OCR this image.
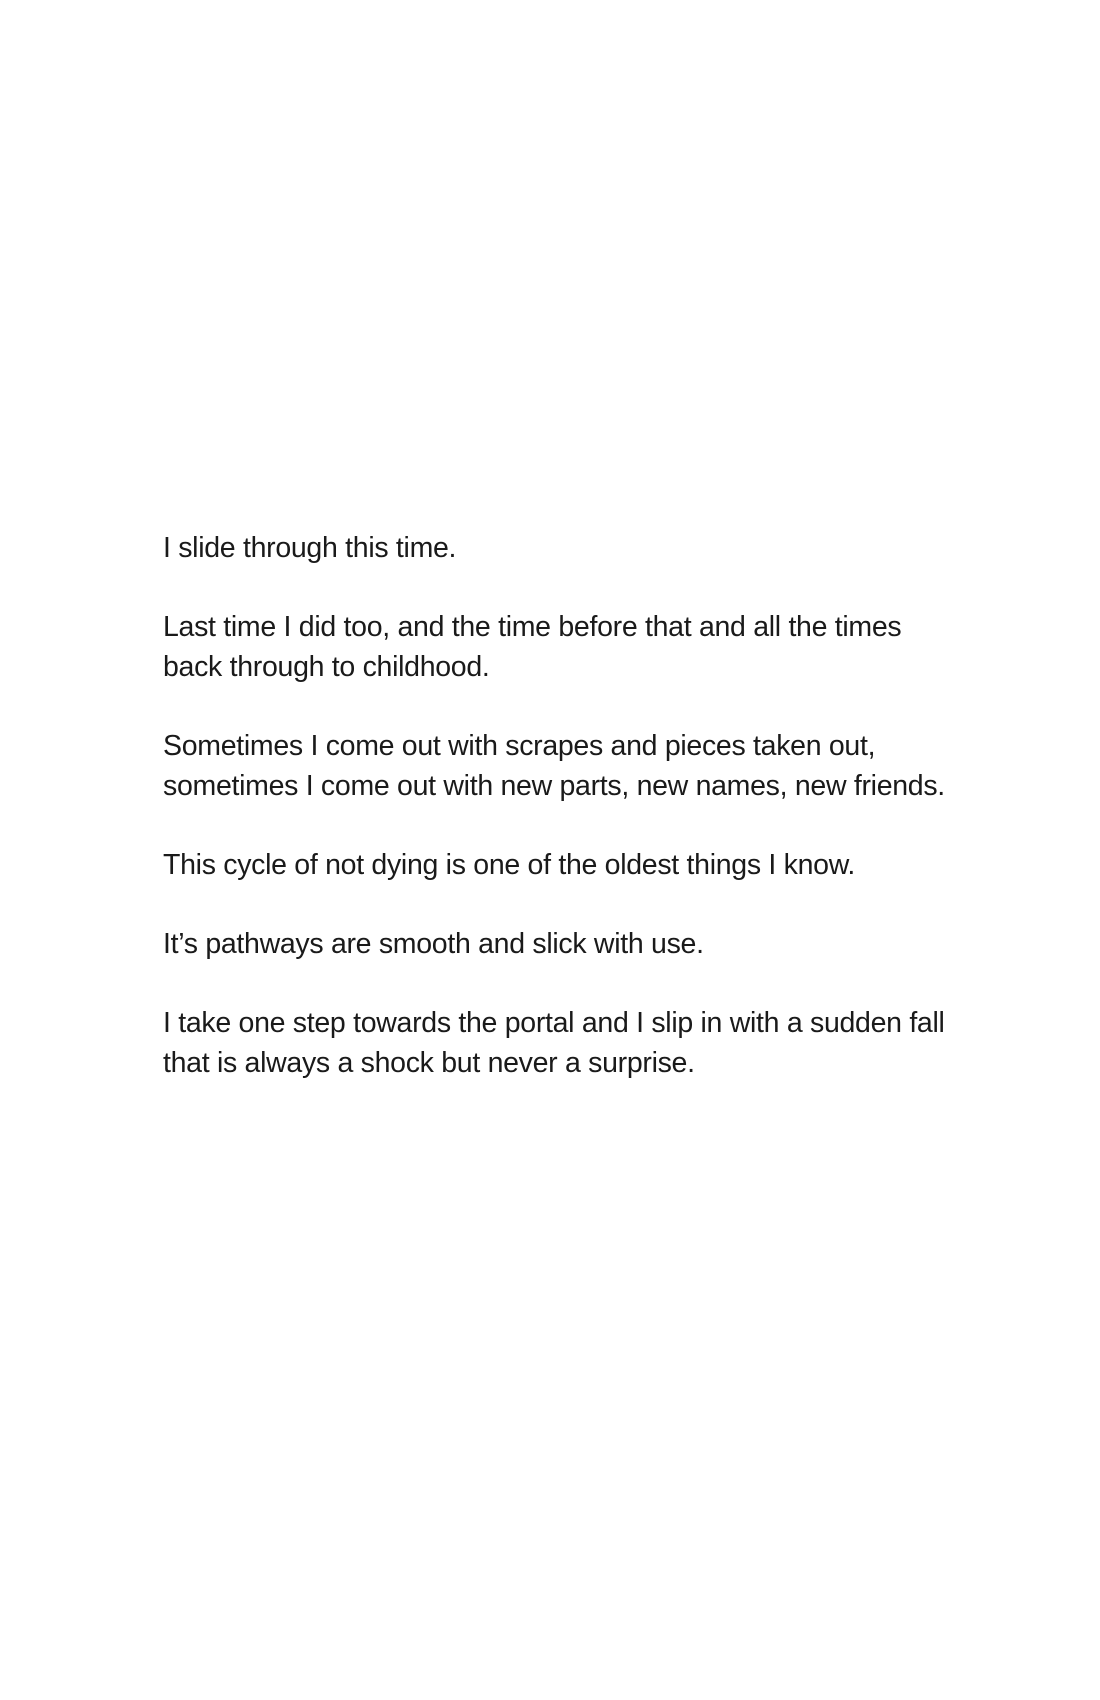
I slide through this time.

Last time I did too, and the time before that and all the times back through to childhood.

Sometimes I come out with scrapes and pieces taken out, sometimes I come out with new parts, new names, new friends.

This cycle of not dying is one of the oldest things I know.

It’s pathways are smooth and slick with use.

I take one step towards the portal and I slip in with a sudden fall that is always a shock but never a surprise.
